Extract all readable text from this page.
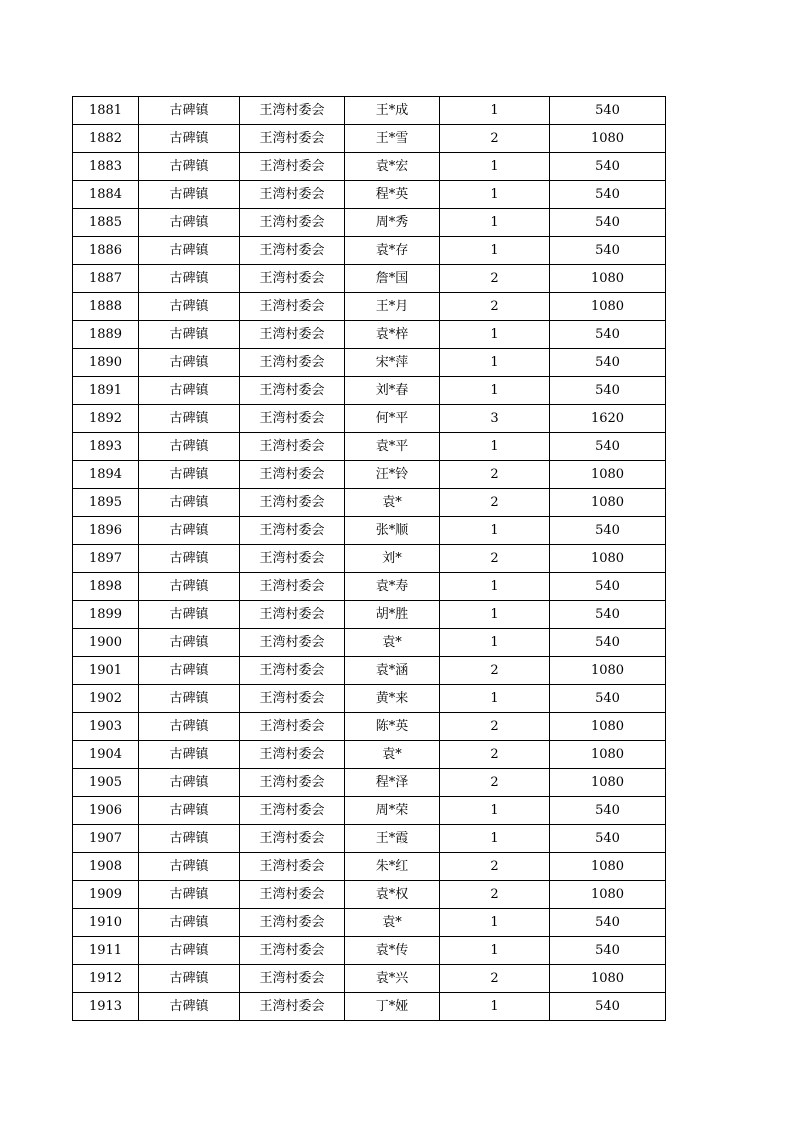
1881	古碑镇	王湾村委会	王*成	1	540
1882	古碑镇	王湾村委会	王*雪	2	1080
1883	古碑镇	王湾村委会	袁*宏	1	540
1884	古碑镇	王湾村委会	程*英	1	540
1885	古碑镇	王湾村委会	周*秀	1	540
1886	古碑镇	王湾村委会	袁*存	1	540
1887	古碑镇	王湾村委会	詹*国	2	1080
1888	古碑镇	王湾村委会	王*月	2	1080
1889	古碑镇	王湾村委会	袁*梓	1	540
1890	古碑镇	王湾村委会	宋*萍	1	540
1891	古碑镇	王湾村委会	刘*春	1	540
1892	古碑镇	王湾村委会	何*平	3	1620
1893	古碑镇	王湾村委会	袁*平	1	540
1894	古碑镇	王湾村委会	汪*铃	2	1080
1895	古碑镇	王湾村委会	袁*	2	1080
1896	古碑镇	王湾村委会	张*顺	1	540
1897	古碑镇	王湾村委会	刘*	2	1080
1898	古碑镇	王湾村委会	袁*寿	1	540
1899	古碑镇	王湾村委会	胡*胜	1	540
1900	古碑镇	王湾村委会	袁*	1	540
1901	古碑镇	王湾村委会	袁*涵	2	1080
1902	古碑镇	王湾村委会	黄*来	1	540
1903	古碑镇	王湾村委会	陈*英	2	1080
1904	古碑镇	王湾村委会	袁*	2	1080
1905	古碑镇	王湾村委会	程*泽	2	1080
1906	古碑镇	王湾村委会	周*荣	1	540
1907	古碑镇	王湾村委会	王*霞	1	540
1908	古碑镇	王湾村委会	朱*红	2	1080
1909	古碑镇	王湾村委会	袁*权	2	1080
1910	古碑镇	王湾村委会	袁*	1	540
1911	古碑镇	王湾村委会	袁*传	1	540
1912	古碑镇	王湾村委会	袁*兴	2	1080
1913	古碑镇	王湾村委会	丁*娅	1	540
